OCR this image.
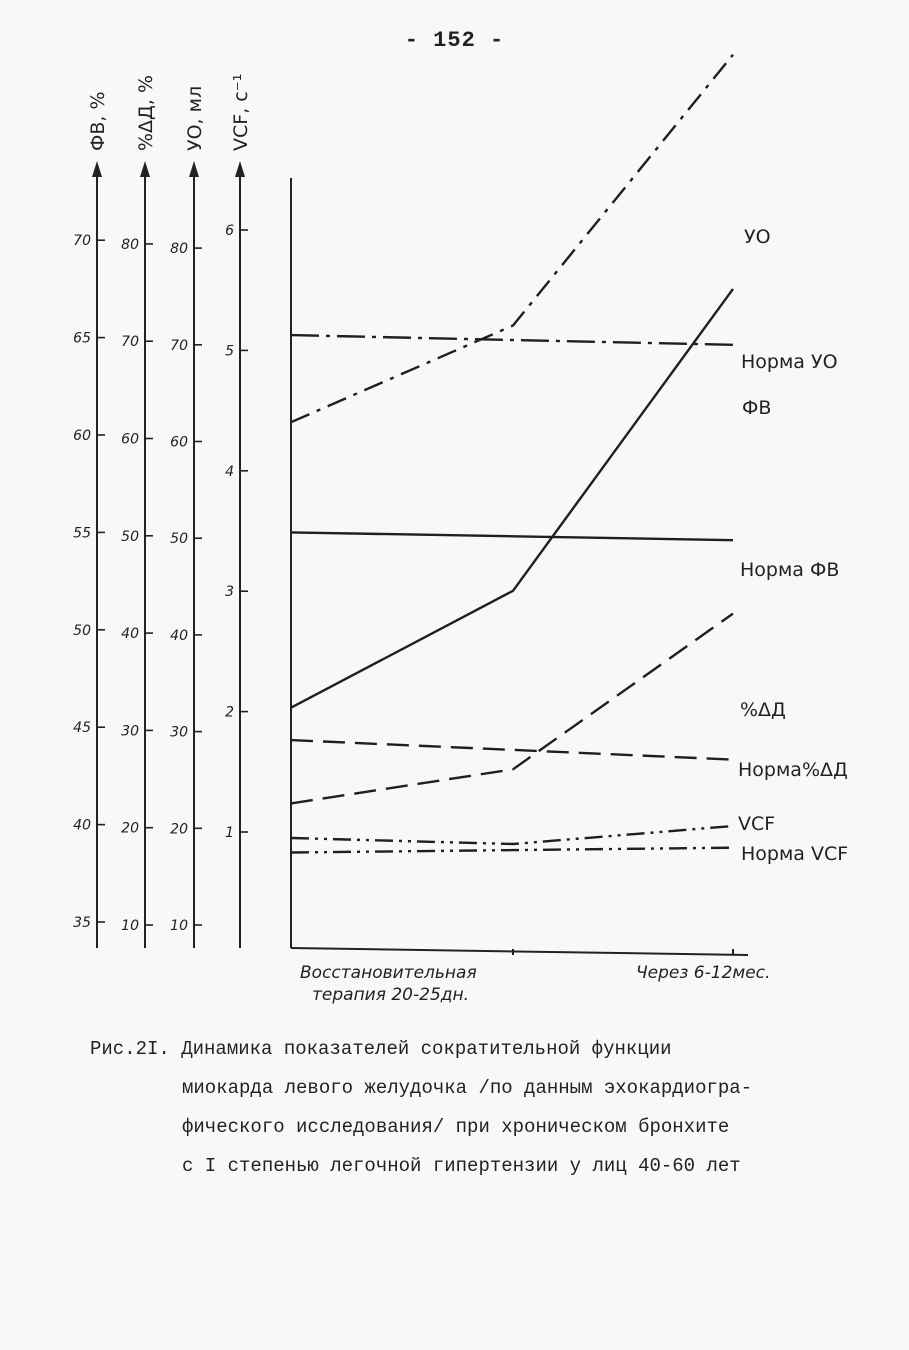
- 152 -
ФВ, %
35
40
45
50
55
60
65
70
%ΔД, %
10
20
30
40
50
60
70
80
УО, мл
10
20
30
40
50
60
70
80
VCF, с⁻¹
1
2
3
4
5
6
Восстановительная
терапия 20-25дн.
Через 6-12мес.
УО
Норма УО
ФВ
Норма ФВ
%ΔД
Норма%ΔД
VCF
Норма VCF
Рис.2I. Динамика показателей сократительной функции
миокарда левого желудочка /по данным эхокардиогра-
фического исследования/ при хроническом бронхите
с I степенью легочной гипертензии у лиц 40-60 лет
